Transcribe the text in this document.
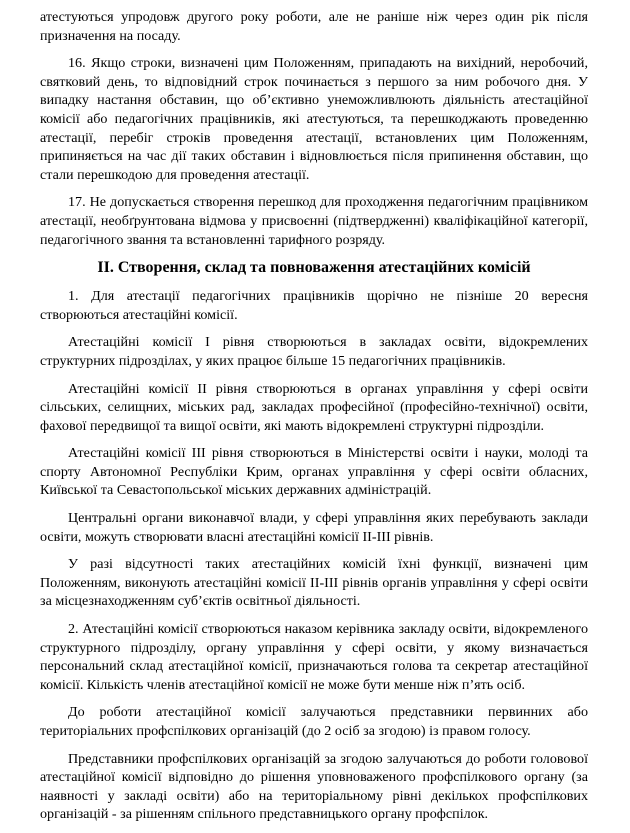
атестуються упродовж другого року роботи, але не раніше ніж через один рік після призначення на посаду.

16. Якщо строки, визначені цим Положенням, припадають на вихідний, неробочий, святковий день, то відповідний строк починається з першого за ним робочого дня. У випадку настання обставин, що об’єктивно унеможливлюють діяльність атестаційної комісії або педагогічних працівників, які атестуються, та перешкоджають проведенню атестації, перебіг строків проведення атестації, встановлених цим Положенням, припиняється на час дії таких обставин і відновлюється після припинення обставин, що стали перешкодою для проведення атестації.

17. Не допускається створення перешкод для проходження педагогічним працівником атестації, необґрунтована відмова у присвоєнні (підтвердженні) кваліфікаційної категорії, педагогічного звання та встановленні тарифного розряду.

ІІ. Створення, склад та повноваження атестаційних комісій

1. Для атестації педагогічних працівників щорічно не пізніше 20 вересня створюються атестаційні комісії.

Атестаційні комісії І рівня створюються в закладах освіти, відокремлених структурних підрозділах, у яких працює більше 15 педагогічних працівників.

Атестаційні комісії ІІ рівня створюються в органах управління у сфері освіти сільських, селищних, міських рад, закладах професійної (професійно-технічної) освіти, фахової передвищої та вищої освіти, які мають відокремлені структурні підрозділи.

Атестаційні комісії ІІІ рівня створюються в Міністерстві освіти і науки, молоді та спорту Автономної Республіки Крим, органах управління у сфері освіти обласних, Київської та Севастопольської міських державних адміністрацій.

Центральні органи виконавчої влади, у сфері управління яких перебувають заклади освіти, можуть створювати власні атестаційні комісії ІІ-ІІІ рівнів.

У разі відсутності таких атестаційних комісій їхні функції, визначені цим Положенням, виконують атестаційні комісії ІІ-ІІІ рівнів органів управління у сфері освіти за місцезнаходженням суб’єктів освітньої діяльності.

2. Атестаційні комісії створюються наказом керівника закладу освіти, відокремленого структурного підрозділу, органу управління у сфері освіти, у якому визначається персональний склад атестаційної комісії, призначаються голова та секретар атестаційної комісії. Кількість членів атестаційної комісії не може бути менше ніж п’ять осіб.

До роботи атестаційної комісії залучаються представники первинних або територіальних профспілкових організацій (до 2 осіб за згодою) із правом голосу.

Представники профспілкових організацій за згодою залучаються до роботи головової атестаційної комісії відповідно до рішення уповноваженого профспілкового органу (за наявності у закладі освіти) або на територіальному рівні декількох профспілкових організацій - за рішенням спільного представницького органу профспілок.
